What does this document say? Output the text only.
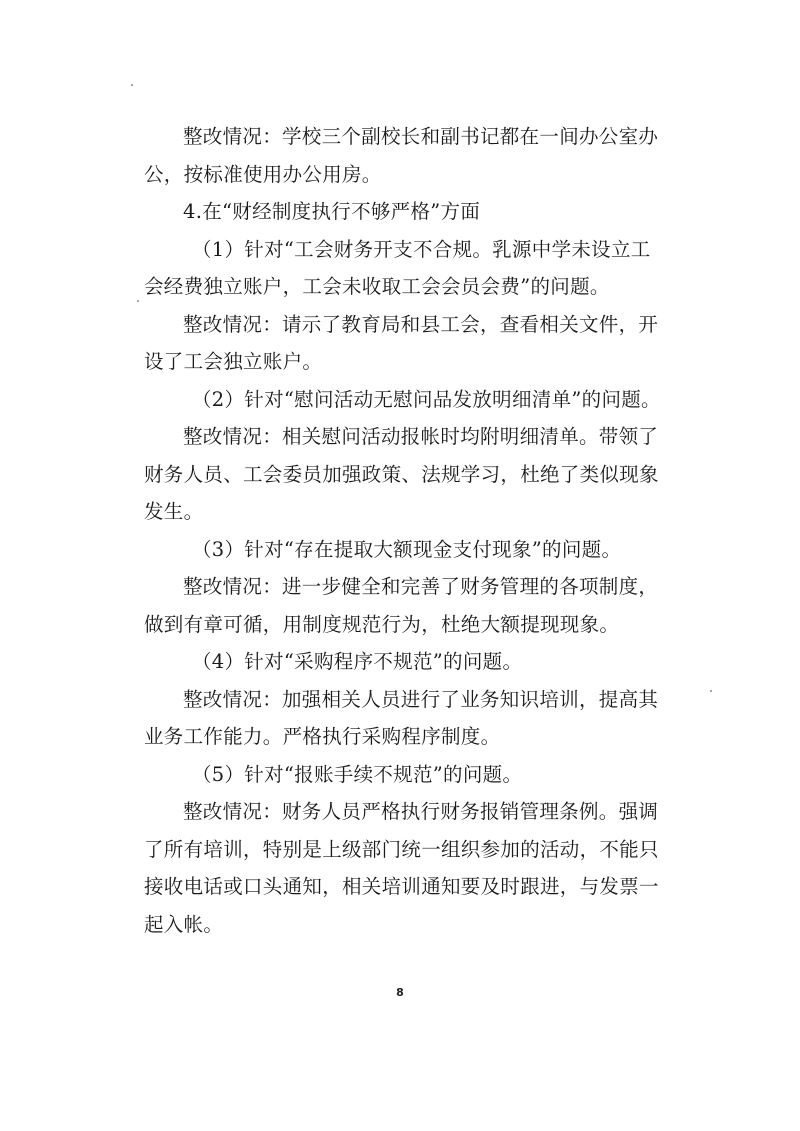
整改情况：学校三个副校长和副书记都在一间办公室办
公，按标准使用办公用房。
4.在“财经制度执行不够严格”方面
（1）针对“工会财务开支不合规。乳源中学未设立工
会经费独立账户，工会未收取工会会员会费”的问题。
整改情况：请示了教育局和县工会，查看相关文件，开
设了工会独立账户。
（2）针对“慰问活动无慰问品发放明细清单”的问题。
整改情况：相关慰问活动报帐时均附明细清单。带领了
财务人员、工会委员加强政策、法规学习，杜绝了类似现象
发生。
（3）针对“存在提取大额现金支付现象”的问题。
整改情况：进一步健全和完善了财务管理的各项制度，
做到有章可循，用制度规范行为，杜绝大额提现现象。
（4）针对“采购程序不规范”的问题。
整改情况：加强相关人员进行了业务知识培训，提高其
业务工作能力。严格执行采购程序制度。
（5）针对“报账手续不规范”的问题。
整改情况：财务人员严格执行财务报销管理条例。强调
了所有培训，特别是上级部门统一组织参加的活动，不能只
接收电话或口头通知，相关培训通知要及时跟进，与发票一
起入帐。
8
